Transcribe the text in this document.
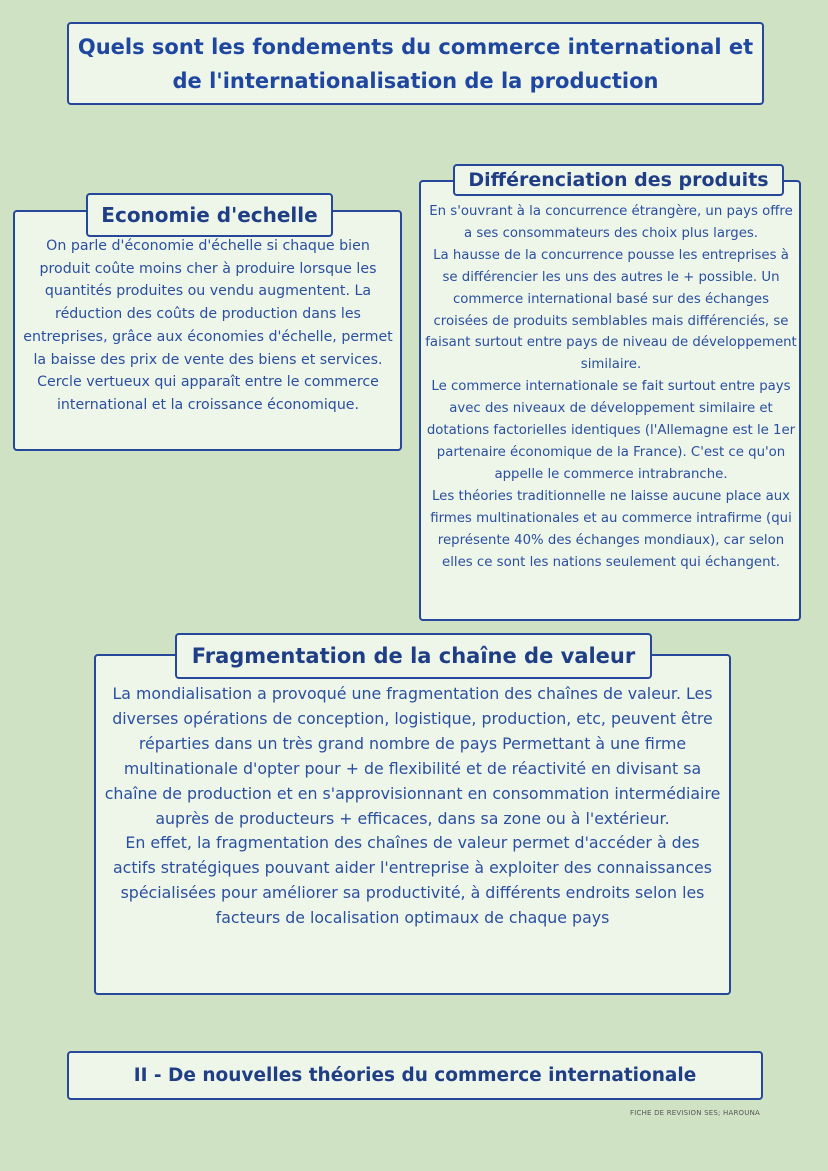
Quels sont les fondements du commerce international et de l'internationalisation de la production
Economie d'echelle

On parle d'économie d'échelle si chaque bien produit coûte moins cher à produire lorsque les quantités produites ou vendu augmentent. La réduction des coûts de production dans les entreprises, grâce aux économies d'échelle, permet la baisse des prix de vente des biens et services. Cercle vertueux qui apparaît entre le commerce international et la croissance économique.

Différenciation des produits
En s'ouvrant à la concurrence étrangère, un pays offre a ses consommateurs des choix plus larges.
La hausse de la concurrence pousse les entreprises à se différencier les uns des autres le + possible. Un commerce international basé sur des échanges croisées de produits semblables mais différenciés, se faisant surtout entre pays de niveau de développement similaire.
Le commerce internationale se fait surtout entre pays avec des niveaux de développement similaire et dotations factorielles identiques (l'Allemagne est le 1er partenaire économique de la France). C'est ce qu'on appelle le commerce intrabranche.
Les théories traditionnelle ne laisse aucune place aux firmes multinationales et au commerce intrafirme (qui représente 40% des échanges mondiaux), car selon elles ce sont les nations seulement qui échangent.
Fragmentation de la chaîne de valeur
La mondialisation a provoqué une fragmentation des chaînes de valeur. Les diverses opérations de conception, logistique, production, etc, peuvent être réparties dans un très grand nombre de pays Permettant à une firme multinationale d'opter pour + de flexibilité et de réactivité en divisant sa chaîne de production et en s'approvisionnant en consommation intermédiaire auprès de producteurs + efficaces, dans sa zone ou à l'extérieur.
En effet, la fragmentation des chaînes de valeur permet d'accéder à des actifs stratégiques pouvant aider l'entreprise à exploiter des connaissances spécialisées pour améliorer sa productivité, à différents endroits selon les facteurs de localisation optimaux de chaque pays
II - De nouvelles théories du commerce internationale
FICHE DE REVISION SES; HAROUNA
